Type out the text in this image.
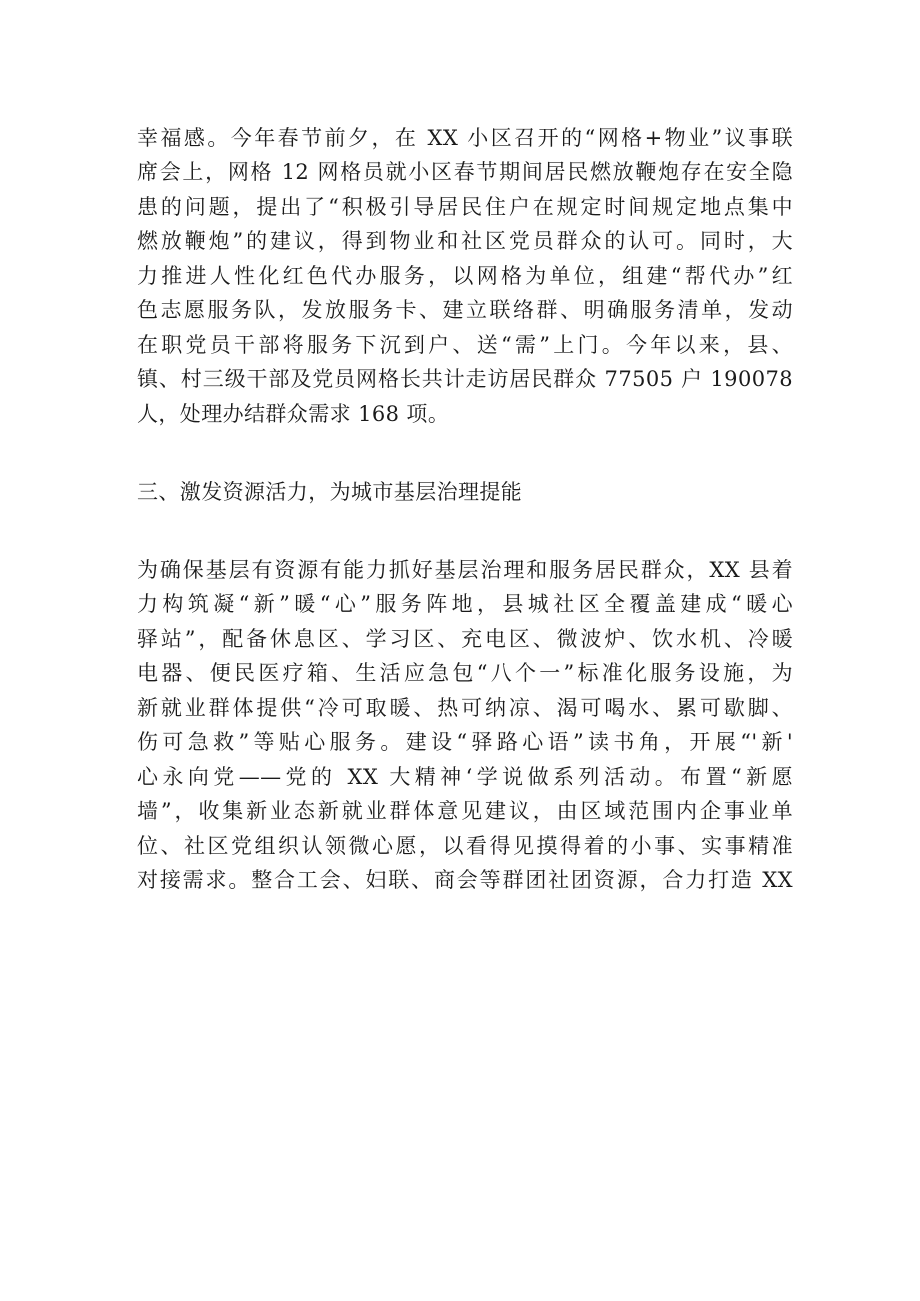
幸福感。今年春节前夕，在 XX 小区召开的“网格+物业”议事联
席会上，网格 12 网格员就小区春节期间居民燃放鞭炮存在安全隐
患的问题，提出了“积极引导居民住户在规定时间规定地点集中
燃放鞭炮”的建议，得到物业和社区党员群众的认可。同时，大
力推进人性化红色代办服务，以网格为单位，组建“帮代办”红
色志愿服务队，发放服务卡、建立联络群、明确服务清单，发动
在职党员干部将服务下沉到户、送“需”上门。今年以来，县、
镇、村三级干部及党员网格长共计走访居民群众 77505 户 190078
人，处理办结群众需求 168 项。
三、激发资源活力，为城市基层治理提能
为确保基层有资源有能力抓好基层治理和服务居民群众，XX 县着
力构筑凝“新”暖“心”服务阵地，县城社区全覆盖建成“暖心
驿站”，配备休息区、学习区、充电区、微波炉、饮水机、冷暖
电器、便民医疗箱、生活应急包“八个一”标准化服务设施，为
新就业群体提供“冷可取暖、热可纳凉、渴可喝水、累可歇脚、
伤可急救”等贴心服务。建设“驿路心语”读书角，开展“'新'
心永向党——党的 XX 大精神‘学说做系列活动。布置“新愿
墙”，收集新业态新就业群体意见建议，由区域范围内企事业单
位、社区党组织认领微心愿，以看得见摸得着的小事、实事精准
对接需求。整合工会、妇联、商会等群团社团资源，合力打造 XX
